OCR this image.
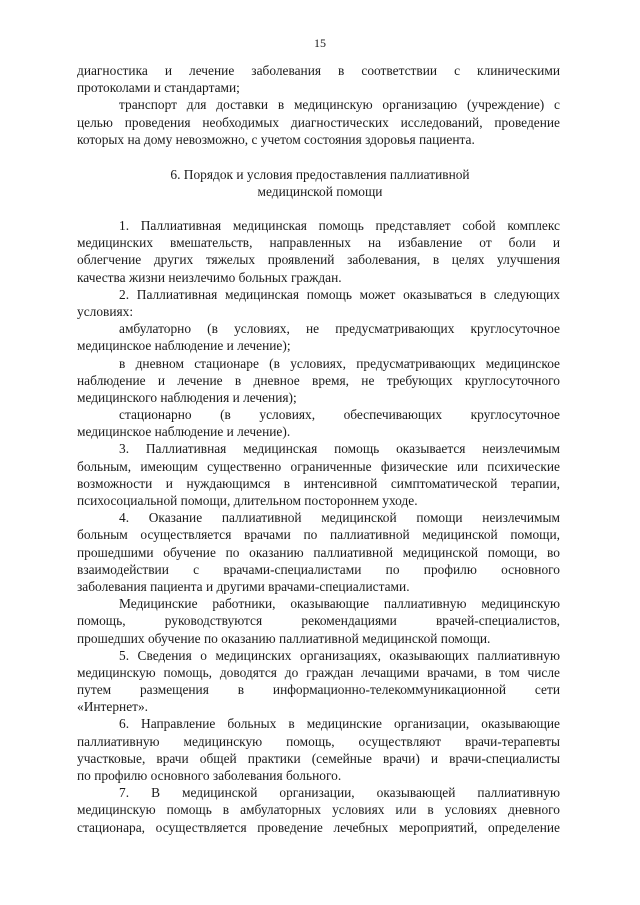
15
диагностика и лечение заболевания в соответствии с клиническими
протоколами и стандартами;
транспорт для доставки в медицинскую организацию (учреждение) с
целью проведения необходимых диагностических исследований, проведение
которых на дому невозможно, с учетом состояния здоровья пациента.
6. Порядок и условия предоставления паллиативной
медицинской помощи
1. Паллиативная медицинская помощь представляет собой комплекс
медицинских вмешательств, направленных на избавление от боли и
облегчение других тяжелых проявлений заболевания, в целях улучшения
качества жизни неизлечимо больных граждан.
2. Паллиативная медицинская помощь может оказываться в следующих
условиях:
амбулаторно (в условиях, не предусматривающих круглосуточное
медицинское наблюдение и лечение);
в дневном стационаре (в условиях, предусматривающих медицинское
наблюдение и лечение в дневное время, не требующих круглосуточного
медицинского наблюдения и лечения);
стационарно (в условиях, обеспечивающих круглосуточное
медицинское наблюдение и лечение).
3. Паллиативная медицинская помощь оказывается неизлечимым
больным, имеющим существенно ограниченные физические или психические
возможности и нуждающимся в интенсивной симптоматической терапии,
психосоциальной помощи, длительном постороннем уходе.
4. Оказание паллиативной медицинской помощи неизлечимым
больным осуществляется врачами по паллиативной медицинской помощи,
прошедшими обучение по оказанию паллиативной медицинской помощи, во
взаимодействии с врачами-специалистами по профилю основного
заболевания пациента и другими врачами-специалистами.
Медицинские работники, оказывающие паллиативную медицинскую
помощь, руководствуются рекомендациями врачей-специалистов,
прошедших обучение по оказанию паллиативной медицинской помощи.
5. Сведения о медицинских организациях, оказывающих паллиативную
медицинскую помощь, доводятся до граждан лечащими врачами, в том числе
путем размещения в информационно-телекоммуникационной сети
«Интернет».
6. Направление больных в медицинские организации, оказывающие
паллиативную медицинскую помощь, осуществляют врачи-терапевты
участковые, врачи общей практики (семейные врачи) и врачи-специалисты
по профилю основного заболевания больного.
7. В медицинской организации, оказывающей паллиативную
медицинскую помощь в амбулаторных условиях или в условиях дневного
стационара, осуществляется проведение лечебных мероприятий, определение
